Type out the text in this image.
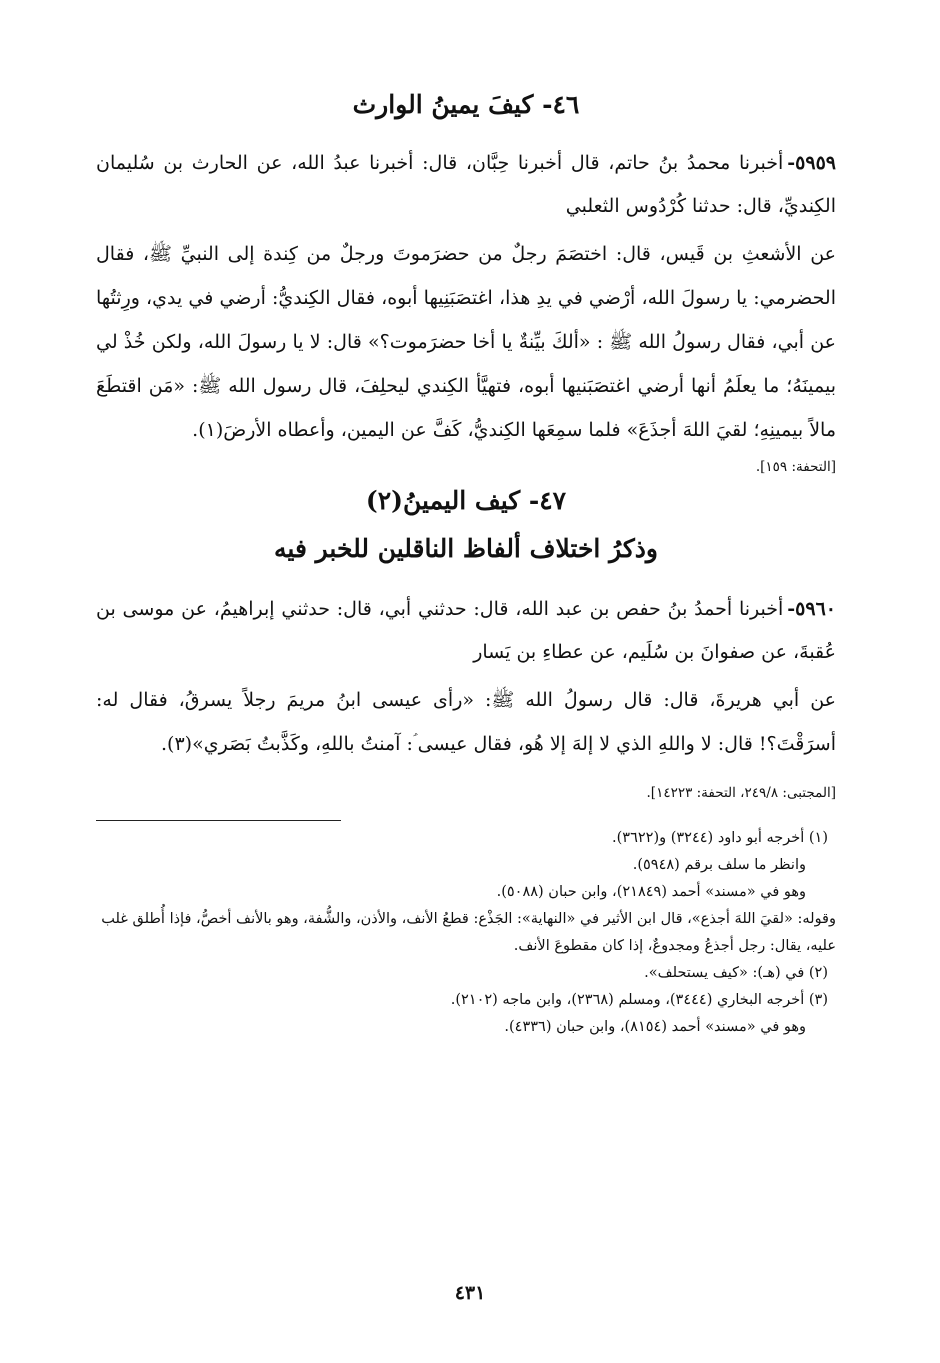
٤٦- كيفَ يمينُ الوارث

٥٩٥٩-أخبرنا محمدُ بنُ حاتم، قال أخبرنا حِبَّان، قال: أخبرنا عبدُ الله، عن الحارث بن سُليمان الكِنديِّ، قال: حدثنا كُرْدُوس الثعلبي

عن الأشعثِ بن قَيس، قال: اختصَمَ رجلٌ من حضرَموتَ ورجلٌ من كِندة إلى النبيِّ ﷺ، فقال الحضرمي: يا رسولَ الله، أرْضي في يدِ هذا، اغتصَبَنِيها أبوه، فقال الكِنديُّ: أرضي في يدي، ورِثتُها عن أبي، فقال رسولُ الله ﷺ : «ألكَ بيِّنةٌ يا أخا حضرَموت؟» قال: لا يا رسولَ الله، ولكن خُذْ لي بيمينَهُ؛ ما يعلَمُ أنها أرضي اغتصَبَنيها أبوه، فتهيَّأ الكِندي ليحلِفَ، قال رسول الله ﷺ: «مَن اقتطَعَ مالاً بيمينِهِ؛ لقيَ اللهَ أجذَعَ» فلما سمِعَها الكِنديُّ، كَفَّ عن اليمين، وأعطاه الأرضَ(١).

[التحفة: ١٥٩].

٤٧- كيف اليمينُ(٢)
وذكرُ اختلاف ألفاظ الناقلين للخبر فيه

٥٩٦٠-أخبرنا أحمدُ بنُ حفص بن عبد الله، قال: حدثني أبي، قال: حدثني إبراهيمُ، عن موسى بن عُقبةَ، عن صفوانَ بن سُلَيم، عن عطاءِ بن يَسار

عن أبي هريرةَ، قال: قال رسولُ الله ﷺ: «رأى عيسى ابنُ مريمَ رجلاً يسرقُ، فقال له: أسرَقْتَ؟! قال: لا واللهِ الذي لا إلهَ إلا هُو، فقال عيسى ؑ: آمنتُ باللهِ، وكَذَّبتُ بَصَري»(٣).

[المجتبى: ٢٤٩/٨، التحفة: ١٤٢٢٣].

(١) أخرجه أبو داود (٣٢٤٤) و(٣٦٢٢).

وانظر ما سلف برقم (٥٩٤٨).

وهو في «مسند» أحمد (٢١٨٤٩)، وابن حبان (٥٠٨٨).

وقوله: «لقيَ اللهَ أجذع»، قال ابن الأثير في «النهاية»: الجَذْع: قطعُ الأنف، والأذن، والشُّفة، وهو بالأنف أخصُّ، فإذا أُطلق غلب عليه، يقال: رجل أجذعُ ومجدوعٌ، إذا كان مقطوعَ الأنف.

(٢) في (هـ): «كيف يستحلف».

(٣) أخرجه البخاري (٣٤٤٤)، ومسلم (٢٣٦٨)، وابن ماجه (٢١٠٢).

وهو في «مسند» أحمد (٨١٥٤)، وابن حبان (٤٣٣٦).

٤٣١
